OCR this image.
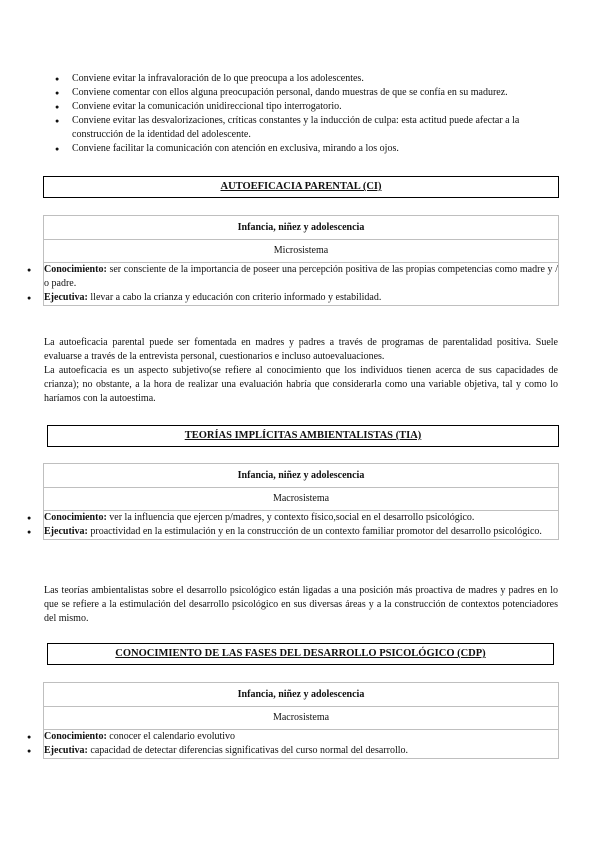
● Conviene evitar la infravaloración de lo que preocupa a los adolescentes.
● Conviene comentar con ellos alguna preocupación personal, dando muestras de que se confía en su madurez.
● Conviene evitar la comunicación unidireccional tipo interrogatorio.
● Conviene evitar las desvalorizaciones, críticas constantes y la inducción de culpa: esta actitud puede afectar a la construcción de la identidad del adolescente.
● Conviene facilitar la comunicación con atención en exclusiva, mirando a los ojos.
AUTOEFICACIA PARENTAL (CI)
Infancia, niñez y adolescencia
Microsistema
● Conocimiento: ser consciente de la importancia de poseer una percepción positiva de las propias competencias como madre y / o padre.
● Ejecutiva: llevar a cabo la crianza y educación con criterio informado y estabilidad.

La autoeficacia parental puede ser fomentada en madres y padres a través de programas de parentalidad positiva. Suele evaluarse a través de la entrevista personal, cuestionarios e incluso autoevaluaciones.

La autoeficacia es un aspecto subjetivo(se refiere al conocimiento que los individuos tienen acerca de sus capacidades de crianza); no obstante, a la hora de realizar una evaluación habría que considerarla como una variable objetiva, tal y como lo haríamos con la autoestima.

TEORÍAS IMPLÍCITAS AMBIENTALISTAS (TIA)
Infancia, niñez y adolescencia
Macrosistema
● Conocimiento: ver la influencia que ejercen p/madres, y contexto físico,social en el desarrollo psicológico.
● Ejecutiva: proactividad en la estimulación y en la construcción de un contexto familiar promotor del desarrollo psicológico.

Las teorías ambientalistas sobre el desarrollo psicológico están ligadas a una posición más proactiva de madres y padres en lo que se refiere a la estimulación del desarrollo psicológico en sus diversas áreas y a la construcción de contextos potenciadores del mismo.

CONOCIMIENTO DE LAS FASES DEL DESARROLLO PSICOLÓGICO (CDP)
Infancia, niñez y adolescencia
Macrosistema
● Conocimiento: conocer el calendario evolutivo
● Ejecutiva: capacidad de detectar diferencias significativas del curso normal del desarrollo.
